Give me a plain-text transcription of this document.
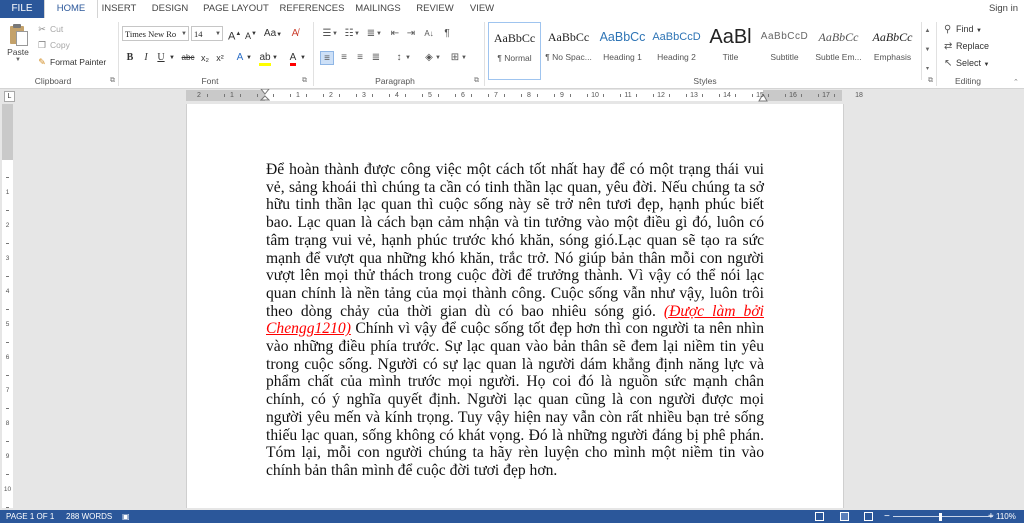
FILE	HOME	INSERT	DESIGN	PAGE LAYOUT	REFERENCES	MAILINGS	REVIEW	VIEW	Sign in
Paste
▼
✂ Cut
❐ Copy
✎ Format Painter
Clipboard	⧉
Times New Ro ▼ 14 ▼ A▲ A▼ Aa▼ A̸
B	I U ▼ abc x₂ x²	A ▼ ab ▼	A ▼
Font	⧉
☰ ▼ ☷ ▼ ≣ ▼ ⇤ ⇥	A↓	¶
≡	≡	≡ ≣	↕ ▼	◈ ▼ ⊞ ▼
Paragraph	⧉
AaBbCc
¶ Normal
AaBbCc
¶ No Spac...
AaBbCc
Heading 1
AaBbCcD
Heading 2
AaBl
Title
AaBbCcD
Subtitle
AaBbCc
Subtle Em...
AaBbCc
Emphasis
▲
▼
▾
Styles	⧉
⚲ Find ▼
⇄ Replace
↖ Select ▼
Editing	⌃
L	2	1	1	2	3	4	5	6	7	8	9	10	11	12	13	14	15	16	17	18
1
2
3
4
5
6
7
8
9
10

Để hoàn thành được công việc một cách tốt nhất hay để có một trạng thái vui vẻ, sảng khoái thì chúng ta cần có tinh thần lạc quan, yêu đời. Nếu chúng ta sở hữu tinh thần lạc quan thì cuộc sống này sẽ trở nên tươi đẹp, hạnh phúc biết bao. Lạc quan là cách bạn cảm nhận và tin tưởng vào một điều gì đó, luôn có tâm trạng vui vẻ, hạnh phúc trước khó khăn, sóng gió.Lạc quan sẽ tạo ra sức mạnh để vượt qua những khó khăn, trắc trở. Nó giúp bản thân mỗi con người vượt lên mọi thử thách trong cuộc đời để trưởng thành. Vì vậy có thể nói lạc quan chính là nền tảng của mọi thành công. Cuộc sống vẫn như vậy, luôn trôi theo dòng chảy của thời gian dù có bao nhiêu sóng gió. (Được làm bởi Chengg1210) Chính vì vậy để cuộc sống tốt đẹp hơn thì con người ta nên nhìn vào những điều phía trước. Sự lạc quan vào bản thân sẽ đem lại niềm tin yêu trong cuộc sống. Người có sự lạc quan là người dám khẳng định năng lực và phẩm chất của mình trước mọi người. Họ coi đó là nguồn sức mạnh chân chính, có ý nghĩa quyết định. Người lạc quan cũng là con người được mọi người yêu mến và kính trọng. Tuy vậy hiện nay vẫn còn rất nhiều bạn trẻ sống thiếu lạc quan, sống không có khát vọng. Đó là những người đáng bị phê phán. Tóm lại, mỗi con người chúng ta hãy rèn luyện cho mình một niềm tin vào chính bản thân mình để cuộc đời tươi đẹp hơn.

PAGE 1 OF 1 288 WORDS ▣	−	+ 110%
